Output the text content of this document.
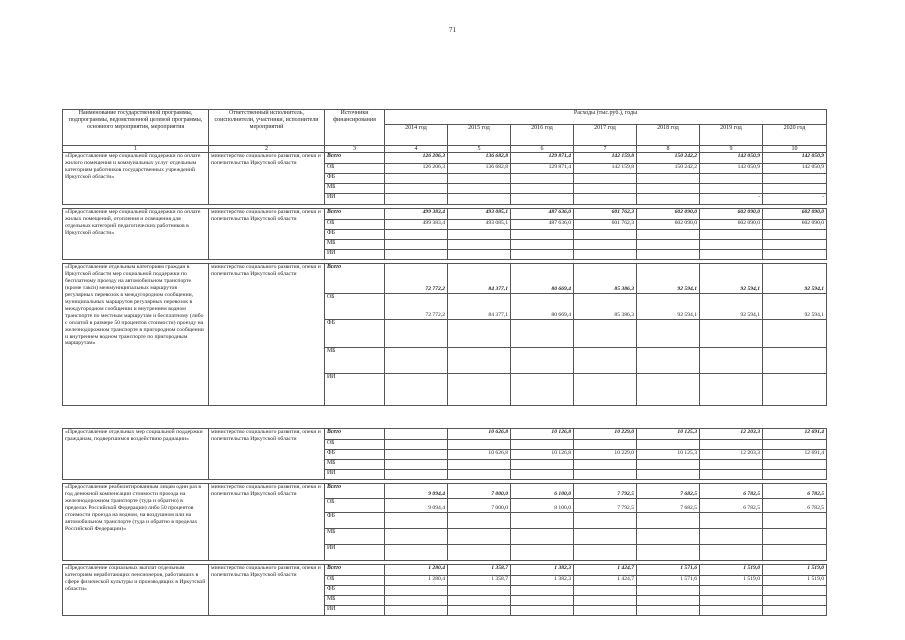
71
Наименование государственной программы, подпрограммы, ведомственной целевой программы, основного мероприятия, мероприятия	Ответственный исполнитель, соисполнители, участники, исполнители мероприятий	Источники финансирования	Расходы (тыс.руб.), годы						
			2014 год	2015 год	2016 год	2017 год	2018 год	2019 год	2020 год
1	2	3	4	5	6	7	8	9	10
«Предоставление мер социальной поддержки по оплате жилого помещения и коммунальных услуг отдельным категориям работников государственных учреждений Иркутской области»	министерство социального развития, опеки и попечительства Иркутской области	Всего	126 206,3	136 682,8	129 871,4	142 159,8	150 242,2	142 050,9	142 050,9
		ОБ	126 206,3	136 682,8	129 871,4	142 159,8	150 242,2	142 050,9	142 050,9
		ФБ							
		МБ							
		ИИ						-	-

«Предоставление мер социальной поддержки по оплате жилых помещений, отопления и освещения для отдельных категорий педагогических работников в Иркутской области»	министерство социального развития, опеки и попечительства Иркутской области	Всего	499 383,4	493 085,1	487 636,0	601 762,3	602 090,0	602 090,0	602 090,0
		ОБ	499 383,4	493 085,1	487 636,0	601 762,3	602 090,0	602 090,0	602 090,0
		ФБ							
		МБ							
		ИИ							

«Предоставление отдельным категориям граждан в Иркутской области мер социальной поддержки по бесплатному проезду на автомобильном транспорте (кроме такси) межмуниципальных маршрутов регулярных перевозок в междугородном сообщении, муниципальных маршрутов регулярных перевозок в междугородном сообщении и внутреннем водном транспорте по местным маршрутам и бесплатному (либо с оплатой в размере 50 процентов стоимости) проезду на железнодорожном транспорте в пригородном сообщении и внутреннем водном транспорте по пригородным маршрутам»	министерство социального развития, опеки и попечительства Иркутской области	Всего	72 772,2	84 377,1	80 669,4	85 386,3	92 594,1	92 594,1	92 594,1
		ОБ	72 772,2	84 377,1	80 669,4	85 386,3	92 594,1	92 594,1	92 594,1
		ФБ							
		МБ							
		ИИ							

«Предоставление отдельных мер социальной поддержки гражданам, подвергшимся воздействию радиации»	министерство социального развития, опеки и попечительства Иркутской области	Всего		10 626,8	10 126,8	10 229,0	10 125,3	12 203,3	12 691,4
		ОБ							
		ФБ		10 626,8	10 126,8	10 229,0	10 125,3	12 203,3	12 691,4
		МБ							
		ИИ							

«Предоставление реабилитированным лицам один раз в год денежной компенсации стоимости проезда на железнодорожном транспорте (туда и обратно) в пределах Российской Федерации) либо 50 процентов стоимости проезда на водном, на воздушном или на автомобильном транспорте (туда и обратно в пределах Российской Федерации)»	министерство социального развития, опеки и попечительства Иркутской области	Всего	9 094,4	7 000,0	6 100,0	7 792,5	7 682,5	6 782,5	6 782,5
		ОБ	9 094,4	7 000,0	8 100,0	7 792,5	7 682,5	6 782,5	6 782,5
		ФБ							
		МБ							
		ИИ							

«Предоставление социальных выплат отдельным категориям неработающих пенсионеров, работавших в сфере физической культуры и производящих в Иркутской области»	министерство социального развития, опеки и попечительства Иркутской области	Всего	1 280,4	1 358,7	1 382,3	1 424,7	1 571,6	1 519,0	1 519,0
		ОБ	1 280,4	1 358,7	1 382,3	1 424,7	1 571,6	1 519,0	1 519,0
		ФБ							
		МБ							
		ИИ							
